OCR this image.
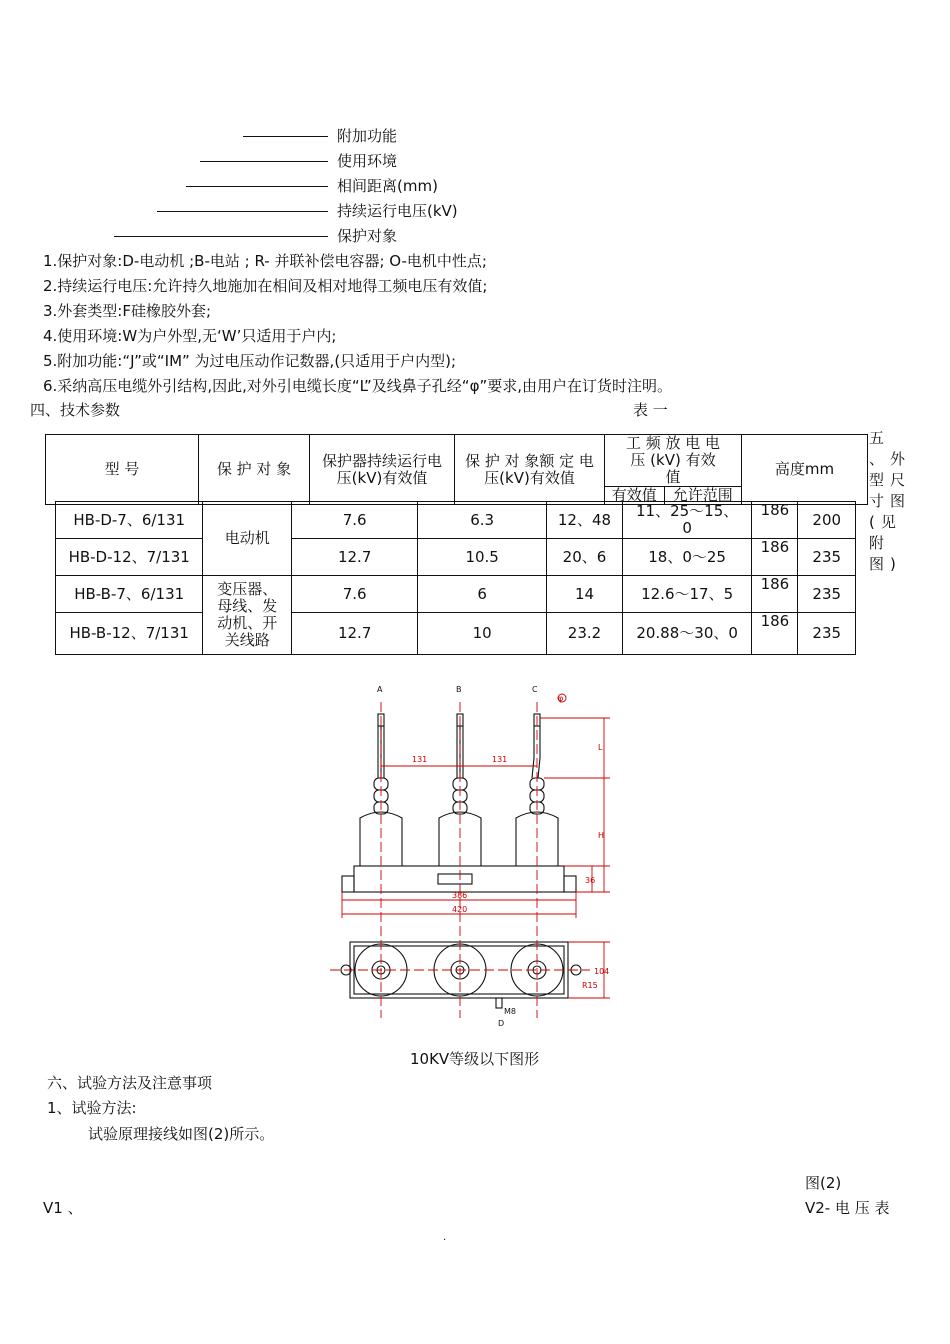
附加功能
使用环境
相间距离(mm)
持续运行电压(kV)
保护对象
1.保护对象:D-电动机 ;B-电站 ; R- 并联补偿电容器; O-电机中性点;
2.持续运行电压:允许持久地施加在相间及相对地得工频电压有效值;
3.外套类型:F硅橡胶外套;
4.使用环境:W为户外型,无‘W’只适用于户内;
5.附加功能:“J”或“IM” 为过电压动作记数器,(只适用于户内型);
6.采纳高压电缆外引结构,因此,对外引电缆长度“L”及线鼻子孔经“φ”要求,由用户在订货时注明。
四、技术参数	表 一
型 号	保 护 对 象	保护器持续运行电压(kV)有效值	保 护 对 象额 定 电 压(kV)有效值	工 频 放 电 电 压 (kV) 有效值		高度mm
				有效值	允许范围	
HB-D-7、6/131	电动机	7.6	6.3	12、48	11、25～15、0	186	200
HB-D-12、7/131		12.7	10.5	20、6	18、0～25	186	235
HB-B-7、6/131	变压器、母线、发动机、开关线路	7.6	6	14	12.6～17、5	186	235
HB-B-12、7/131		12.7	10	23.2	20.88～30、0	186	235
五 、外 型尺 寸图 (见附图)
A	B	C
D
131	131
L
H
36
386
420
104
M8
R15
φ
10KV等级以下图形
六、试验方法及注意事项
1、试验方法:
试验原理接线如图(2)所示。
图(2)
V1 、	V2- 电 压 表
.
